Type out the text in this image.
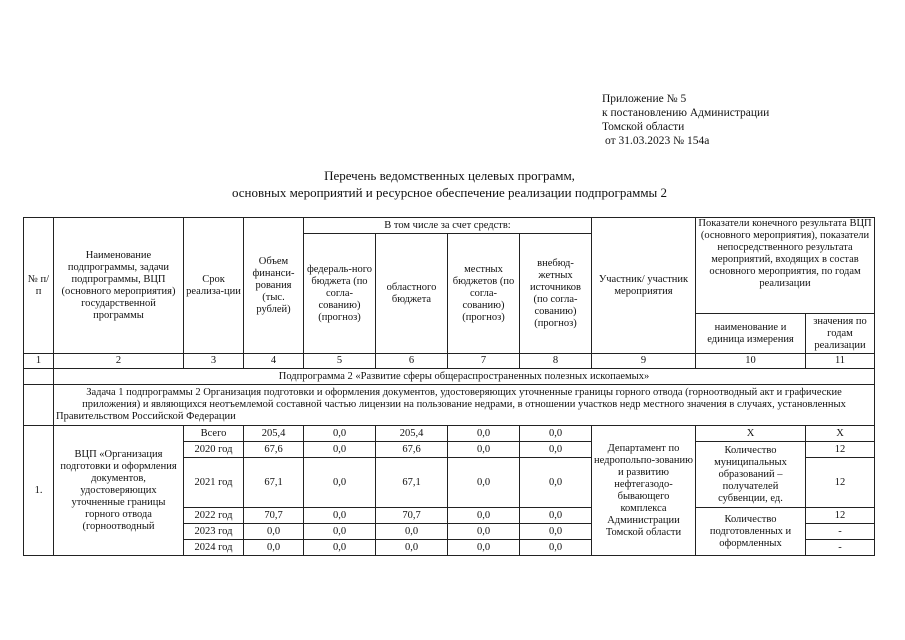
Приложение № 5
к постановлению Администрации
Томской области
от 31.03.2023 № 154а
Перечень ведомственных целевых программ,
основных мероприятий и ресурсное обеспечение реализации подпрограммы 2
№ п/п	Наименование подпрограммы, задачи подпрограммы, ВЦП (основного мероприятия) государственной программы	Срок реализа-ции	Объем финанси-рования (тыс. рублей)	В том числе за счет средств:				Участник/ участник мероприятия	Показатели конечного результата ВЦП (основного мероприятия), показатели непосредственного результата мероприятий, входящих в состав основного мероприятия, по годам реализации	
				федераль-ного бюджета (по согла-сованию) (прогноз)	областного бюджета	местных бюджетов (по согла-сованию) (прогноз)	внебюд-жетных источников (по согла-сованию) (прогноз)			
									наименование и единица измерения	значения по годам реализации
1	2	3	4	5	6	7	8	9	10	11
	Подпрограмма 2 «Развитие сферы общераспространенных полезных ископаемых»									
	Задача 1 подпрограммы 2 Организация подготовки и оформления документов, удостоверяющих уточненные границы горного отвода (горноотводный акт и графические приложения) и являющихся неотъемлемой составной частью лицензии на пользование недрами, в отношении участков недр местного значения в случаях, установленных Правительством Российской Федерации									
1.	ВЦП «Организация подготовки и оформления документов, удостоверяющих уточненные границы горного отвода (горноотводный	Всего	205,4	0,0	205,4	0,0	0,0	Департамент по недропольпо-зованию и развитию нефтегазодо-бывающего комплекса Администрации Томской области	Х	Х
		2020 год	67,6	0,0	67,6	0,0	0,0		Количество муниципальных образований – получателей субвенции, ед.	12
		2021 год	67,1	0,0	67,1	0,0	0,0			12
		2022 год	70,7	0,0	70,7	0,0	0,0		Количество подготовленных и оформленных	12
		2023 год	0,0	0,0	0,0	0,0	0,0			-
		2024 год	0,0	0,0	0,0	0,0	0,0			-
